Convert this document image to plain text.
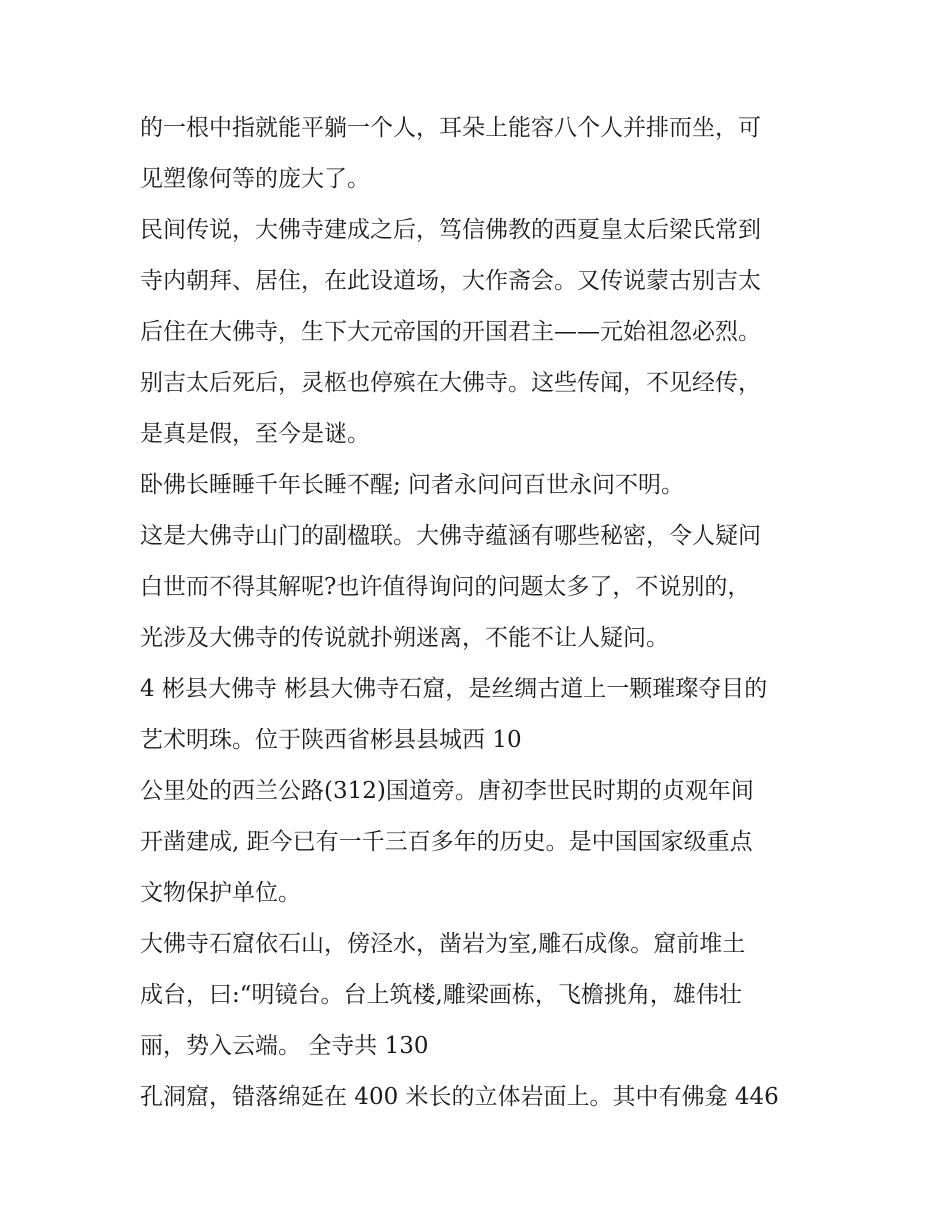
的一根中指就能平躺一个人，耳朵上能容八个人并排而坐，可
见塑像何等的庞大了。
民间传说，大佛寺建成之后，笃信佛教的西夏皇太后梁氏常到
寺内朝拜、居住，在此设道场，大作斋会。又传说蒙古别吉太
后住在大佛寺，生下大元帝国的开国君主——元始祖忽必烈。
别吉太后死后，灵柩也停殡在大佛寺。这些传闻，不见经传，
是真是假，至今是谜。
卧佛长睡睡千年长睡不醒; 问者永问问百世永问不明。
这是大佛寺山门的副楹联。大佛寺蕴涵有哪些秘密，令人疑问
白世而不得其解呢?也许值得询问的问题太多了，不说别的，
光涉及大佛寺的传说就扑朔迷离，不能不让人疑问。
4 彬县大佛寺 彬县大佛寺石窟，是丝绸古道上一颗璀璨夺目的
艺术明珠。位于陕西省彬县县城西 10
公里处的西兰公路(312)国道旁。唐初李世民时期的贞观年间
开凿建成, 距今已有一千三百多年的历史。是中国国家级重点
文物保护单位。
大佛寺石窟依石山，傍泾水，凿岩为室,雕石成像。窟前堆土
成台，曰:“明镜台。台上筑楼,雕梁画栋，飞檐挑角，雄伟壮
丽，势入云端。 全寺共 130
孔洞窟，错落绵延在 400 米长的立体岩面上。其中有佛龛 446
